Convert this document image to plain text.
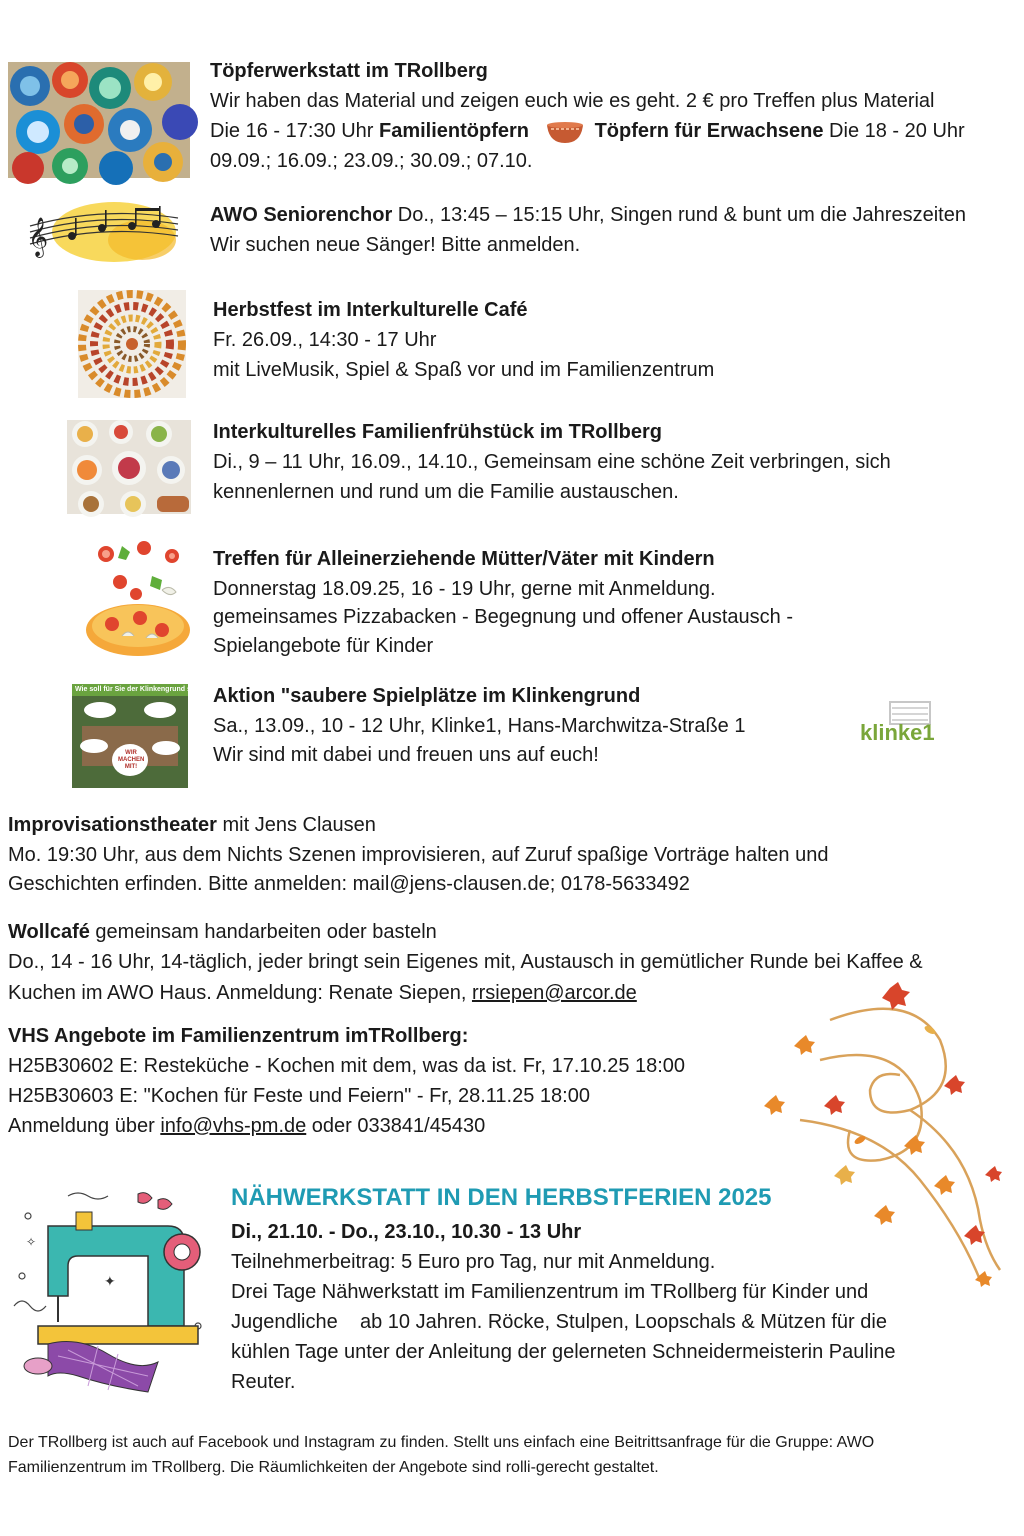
Töpferwerkstatt im TRollberg
Wir haben das Material und zeigen euch wie es geht. 2 € pro Treffen plus Material
Die 16 - 17:30 Uhr Familientöpfern	Töpfern für Erwachsene Die 18 - 20 Uhr
09.09.; 16.09.; 23.09.; 30.09.; 07.10.
𝄞
AWO Seniorenchor Do., 13:45 – 15:15 Uhr, Singen rund & bunt um die Jahreszeiten
Wir suchen neue Sänger! Bitte anmelden.
Herbstfest im Interkulturelle Café
Fr. 26.09., 14:30 - 17 Uhr
mit LiveMusik, Spiel & Spaß vor und im Familienzentrum
Interkulturelles Familienfrühstück im TRollberg
Di., 9 – 11 Uhr, 16.09., 14.10., Gemeinsam eine schöne Zeit verbringen, sich
kennenlernen und rund um die Familie austauschen.
Treffen für Alleinerziehende Mütter/Väter mit Kindern
Donnerstag 18.09.25, 16 - 19 Uhr, gerne mit Anmeldung.
gemeinsames Pizzabacken - Begegnung und offener Austausch -
Spielangebote für Kinder
Wie soll für Sie der Klinkengrund sein?
WIR MACHEN MIT!
Aktion "saubere Spielplätze im Klinkengrund
Sa., 13.09., 10 - 12 Uhr, Klinke1, Hans-Marchwitza-Straße 1
Wir sind mit dabei und freuen uns auf euch!
klinke1
Improvisationstheater mit Jens Clausen
Mo. 19:30 Uhr, aus dem Nichts Szenen improvisieren, auf Zuruf spaßige Vorträge halten und
Geschichten erfinden. Bitte anmelden: mail@jens-clausen.de; 0178-5633492
Wollcafé gemeinsam handarbeiten oder basteln
Do., 14 - 16 Uhr, 14-täglich, jeder bringt sein Eigenes mit, Austausch in gemütlicher Runde bei Kaffee &
Kuchen im AWO Haus. Anmeldung: Renate Siepen, rrsiepen@arcor.de
VHS Angebote im Familienzentrum imTRollberg:
H25B30602 E: Resteküche - Kochen mit dem, was da ist. Fr, 17.10.25 18:00
H25B30603 E: "Kochen für Feste und Feiern" - Fr, 28.11.25 18:00
Anmeldung über info@vhs-pm.de oder 033841/45430
✦
✧
NÄHWERKSTATT IN DEN HERBSTFERIEN 2025
Di., 21.10. - Do., 23.10., 10.30 - 13 Uhr
Teilnehmerbeitrag: 5 Euro pro Tag, nur mit Anmeldung.
Drei Tage Nähwerkstatt im Familienzentrum im TRollberg für Kinder und
Jugendliche    ab 10 Jahren. Röcke, Stulpen, Loopschals & Mützen für die
kühlen Tage unter der Anleitung der gelerneten Schneidermeisterin Pauline
Reuter.
Der TRollberg ist auch auf Facebook und Instagram zu finden. Stellt uns einfach eine Beitrittsanfrage für die Gruppe: AWO
Familienzentrum im TRollberg. Die Räumlichkeiten der Angebote sind rolli-gerecht gestaltet.
